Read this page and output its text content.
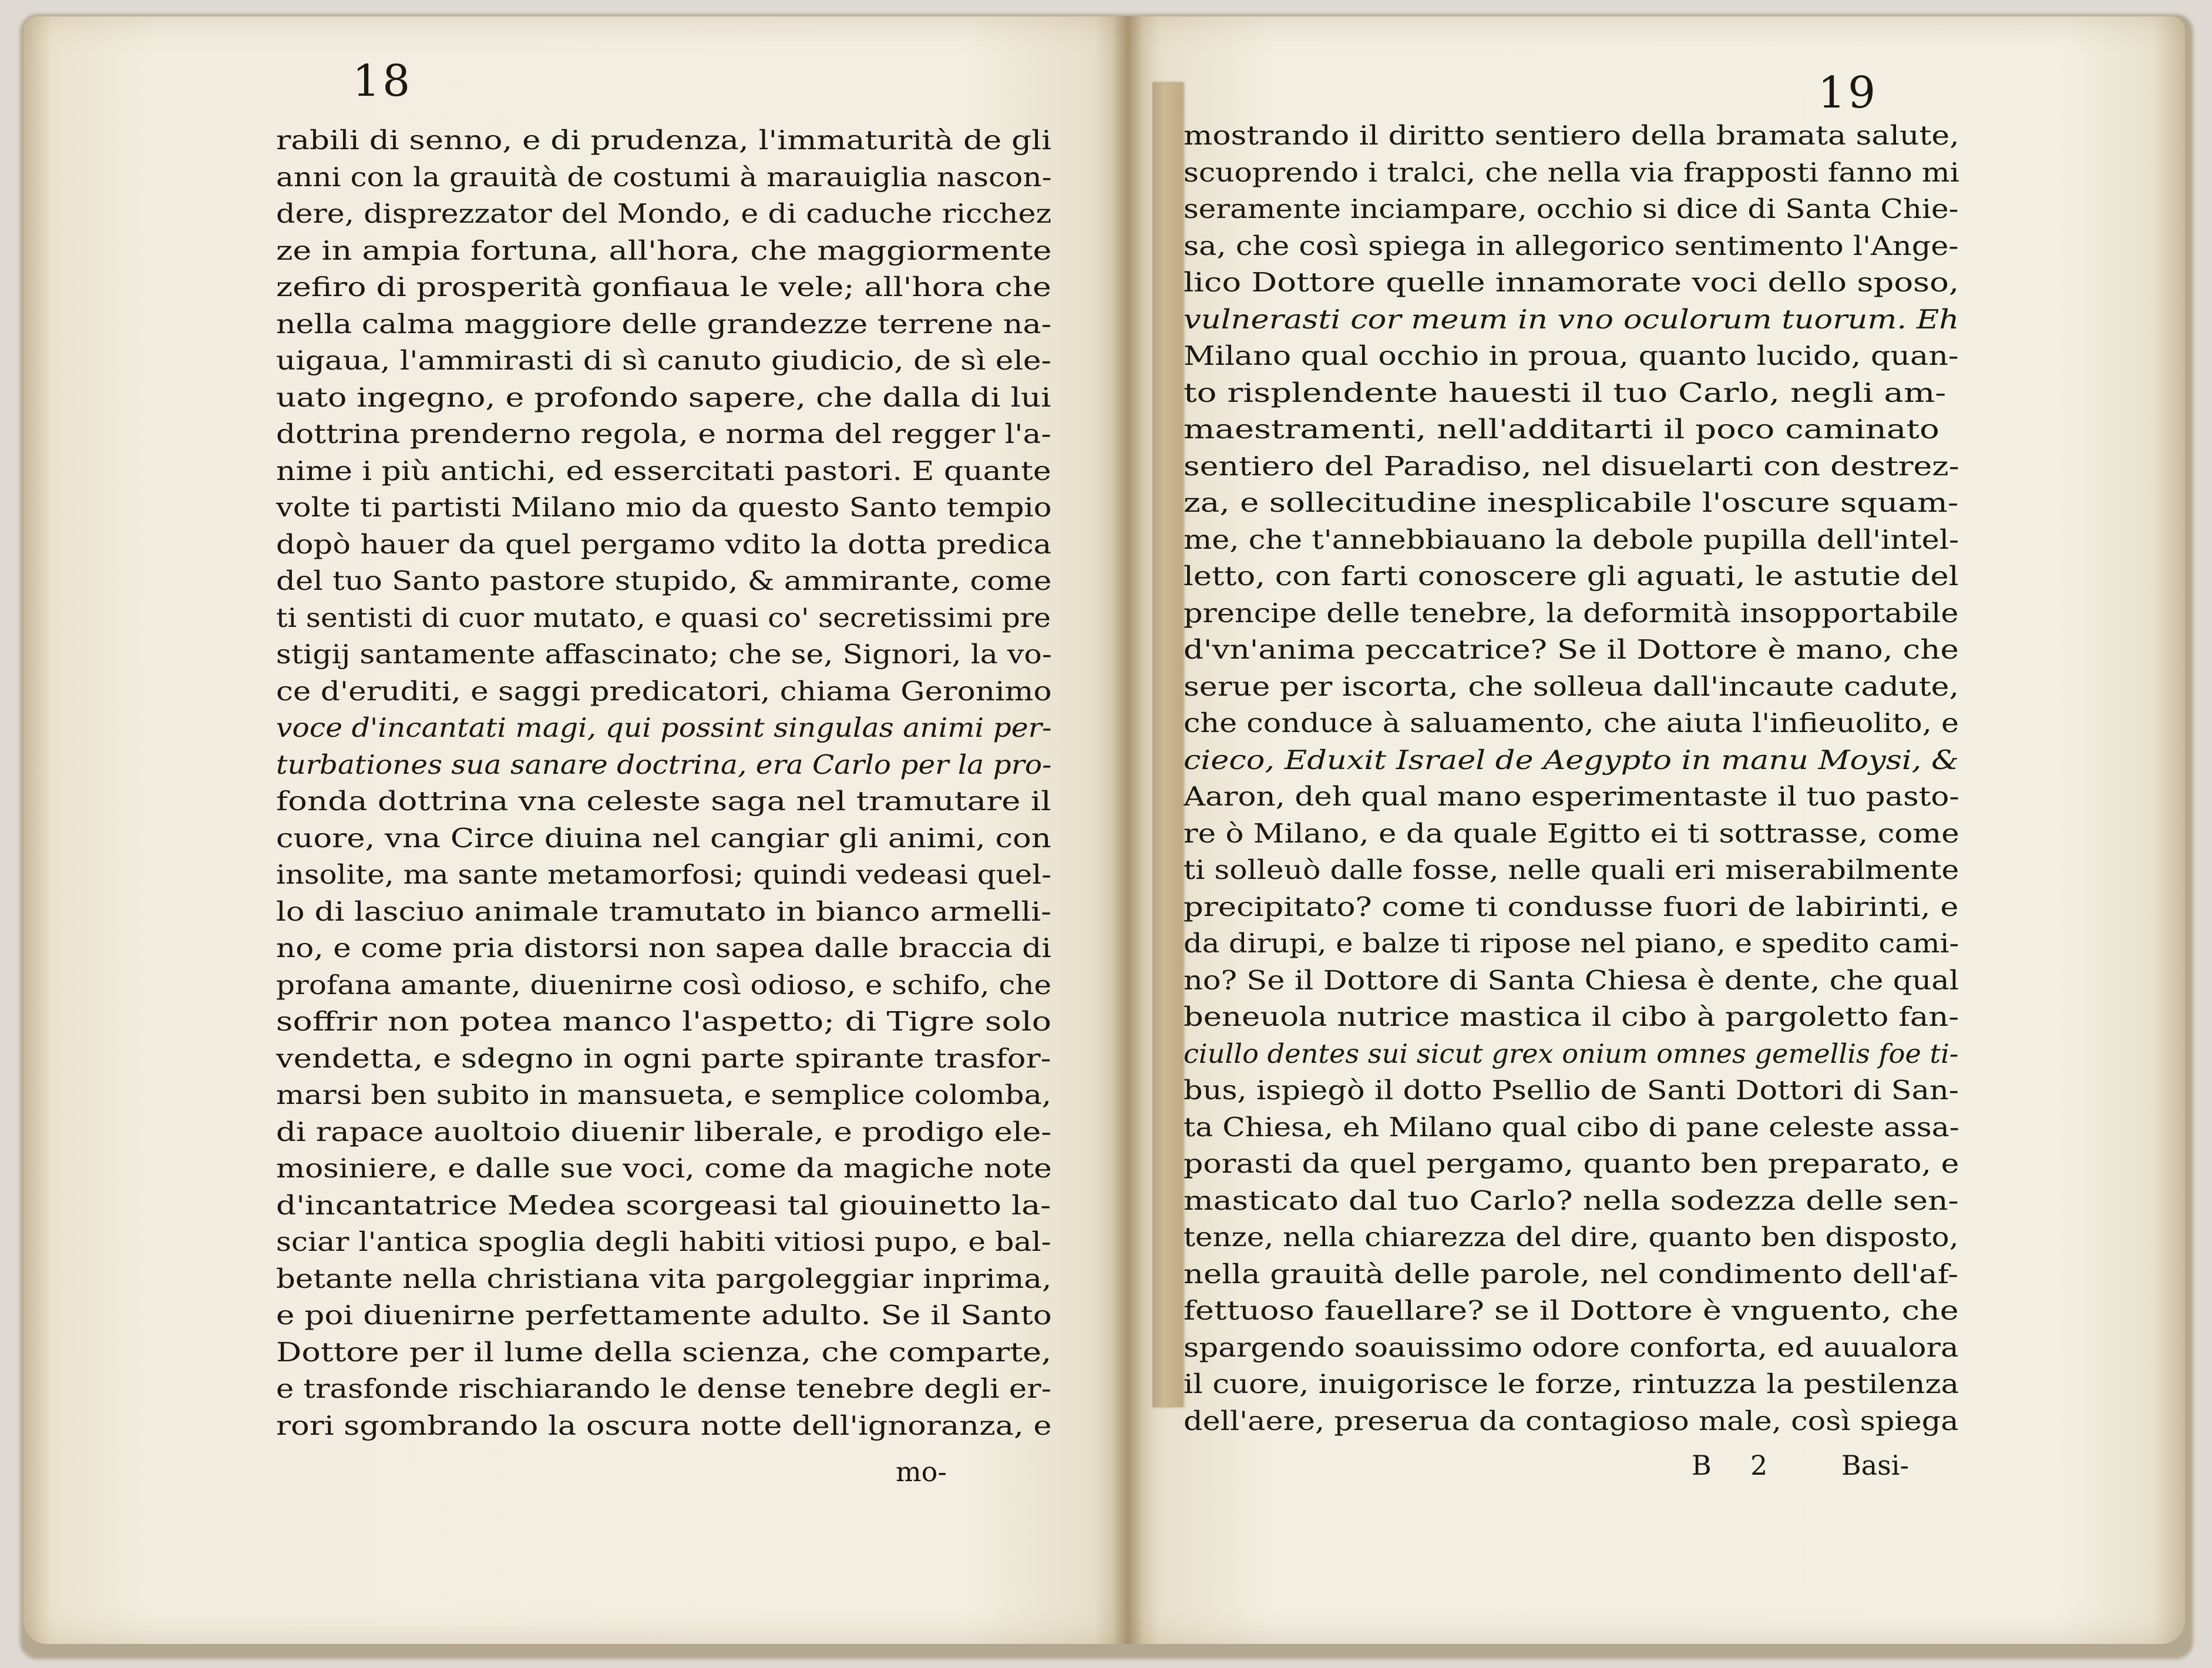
18	19
rabili di senno, e di prudenza, l'immaturità de gli
anni con la grauità de costumi à marauiglia nascon-
dere, disprezzator del Mondo, e di caduche ricchez
ze in ampia fortuna, all'hora, che maggiormente
zefiro di prosperità gonfiaua le vele; all'hora che
nella calma maggiore delle grandezze terrene na-
uigaua, l'ammirasti di sì canuto giudicio, de sì ele-
uato ingegno, e profondo sapere, che dalla di lui
dottrina prenderno regola, e norma del regger l'a-
nime i più antichi, ed essercitati pastori. E quante
volte ti partisti Milano mio da questo Santo tempio
dopò hauer da quel pergamo vdito la dotta predica
del tuo Santo pastore stupido, & ammirante, come
ti sentisti di cuor mutato, e quasi co' secretissimi pre
stigij santamente affascinato; che se, Signori, la vo-
ce d'eruditi, e saggi predicatori, chiama Geronimo
voce d'incantati magi, qui possint singulas animi per-
turbationes sua sanare doctrina, era Carlo per la pro-
fonda dottrina vna celeste saga nel tramutare il
cuore, vna Circe diuina nel cangiar gli animi, con
insolite, ma sante metamorfosi; quindi vedeasi quel-
lo di lasciuo animale tramutato in bianco armelli-
no, e come pria distorsi non sapea dalle braccia di
profana amante, diuenirne così odioso, e schifo, che
soffrir non potea manco l'aspetto; di Tigre solo
vendetta, e sdegno in ogni parte spirante trasfor-
marsi ben subito in mansueta, e semplice colomba,
di rapace auoltoio diuenir liberale, e prodigo ele-
mosiniere, e dalle sue voci, come da magiche note
d'incantatrice Medea scorgeasi tal giouinetto la-
sciar l'antica spoglia degli habiti vitiosi pupo, e bal-
betante nella christiana vita pargoleggiar inprima,
e poi diuenirne perfettamente adulto. Se il Santo
Dottore per il lume della scienza, che comparte,
e trasfonde rischiarando le dense tenebre degli er-
rori sgombrando la oscura notte dell'ignoranza, e
mo-
mostrando il diritto sentiero della bramata salute,
scuoprendo i tralci, che nella via frapposti fanno mi
seramente inciampare, occhio si dice di Santa Chie-
sa, che così spiega in allegorico sentimento l'Ange-
lico Dottore quelle innamorate voci dello sposo,
vulnerasti cor meum in vno oculorum tuorum. Eh
Milano qual occhio in proua, quanto lucido, quan-
to risplendente hauesti il tuo Carlo, negli am-
maestramenti, nell'additarti il poco caminato
sentiero del Paradiso, nel disuelarti con destrez-
za, e sollecitudine inesplicabile l'oscure squam-
me, che t'annebbiauano la debole pupilla dell'intel-
letto, con farti conoscere gli aguati, le astutie del
prencipe delle tenebre, la deformità insopportabile
d'vn'anima peccatrice? Se il Dottore è mano, che
serue per iscorta, che solleua dall'incaute cadute,
che conduce à saluamento, che aiuta l'infieuolito, e
cieco, Eduxit Israel de Aegypto in manu Moysi, &
Aaron, deh qual mano esperimentaste il tuo pasto-
re ò Milano, e da quale Egitto ei ti sottrasse, come
ti solleuò dalle fosse, nelle quali eri miserabilmente
precipitato? come ti condusse fuori de labirinti, e
da dirupi, e balze ti ripose nel piano, e spedito cami-
no? Se il Dottore di Santa Chiesa è dente, che qual
beneuola nutrice mastica il cibo à pargoletto fan-
ciullo dentes sui sicut grex onium omnes gemellis foe ti-
bus, ispiegò il dotto Psellio de Santi Dottori di San-
ta Chiesa, eh Milano qual cibo di pane celeste assa-
porasti da quel pergamo, quanto ben preparato, e
masticato dal tuo Carlo? nella sodezza delle sen-
tenze, nella chiarezza del dire, quanto ben disposto,
nella grauità delle parole, nel condimento dell'af-
fettuoso fauellare? se il Dottore è vnguento, che
spargendo soauissimo odore conforta, ed auualora
il cuore, inuigorisce le forze, rintuzza la pestilenza
dell'aere, preserua da contagioso male, così spiega
B 2	Basi-
